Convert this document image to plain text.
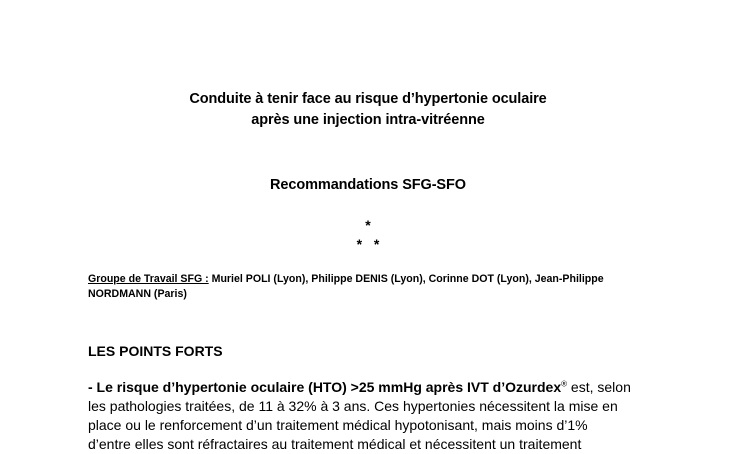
Conduite à tenir face au risque d’hypertonie oculaire
après une injection intra-vitréenne
Recommandations SFG-SFO
*
* *
Groupe de Travail SFG : Muriel POLI (Lyon), Philippe DENIS (Lyon), Corinne DOT (Lyon), Jean-Philippe
NORDMANN (Paris)
LES POINTS FORTS
- Le risque d’hypertonie oculaire (HTO) >25 mmHg après IVT d’Ozurdex® est, selon
les pathologies traitées, de 11 à 32% à 3 ans. Ces hypertonies nécessitent la mise en
place ou le renforcement d’un traitement médical hypotonisant, mais moins d’1%
d’entre elles sont réfractaires au traitement médical et nécessitent un traitement
